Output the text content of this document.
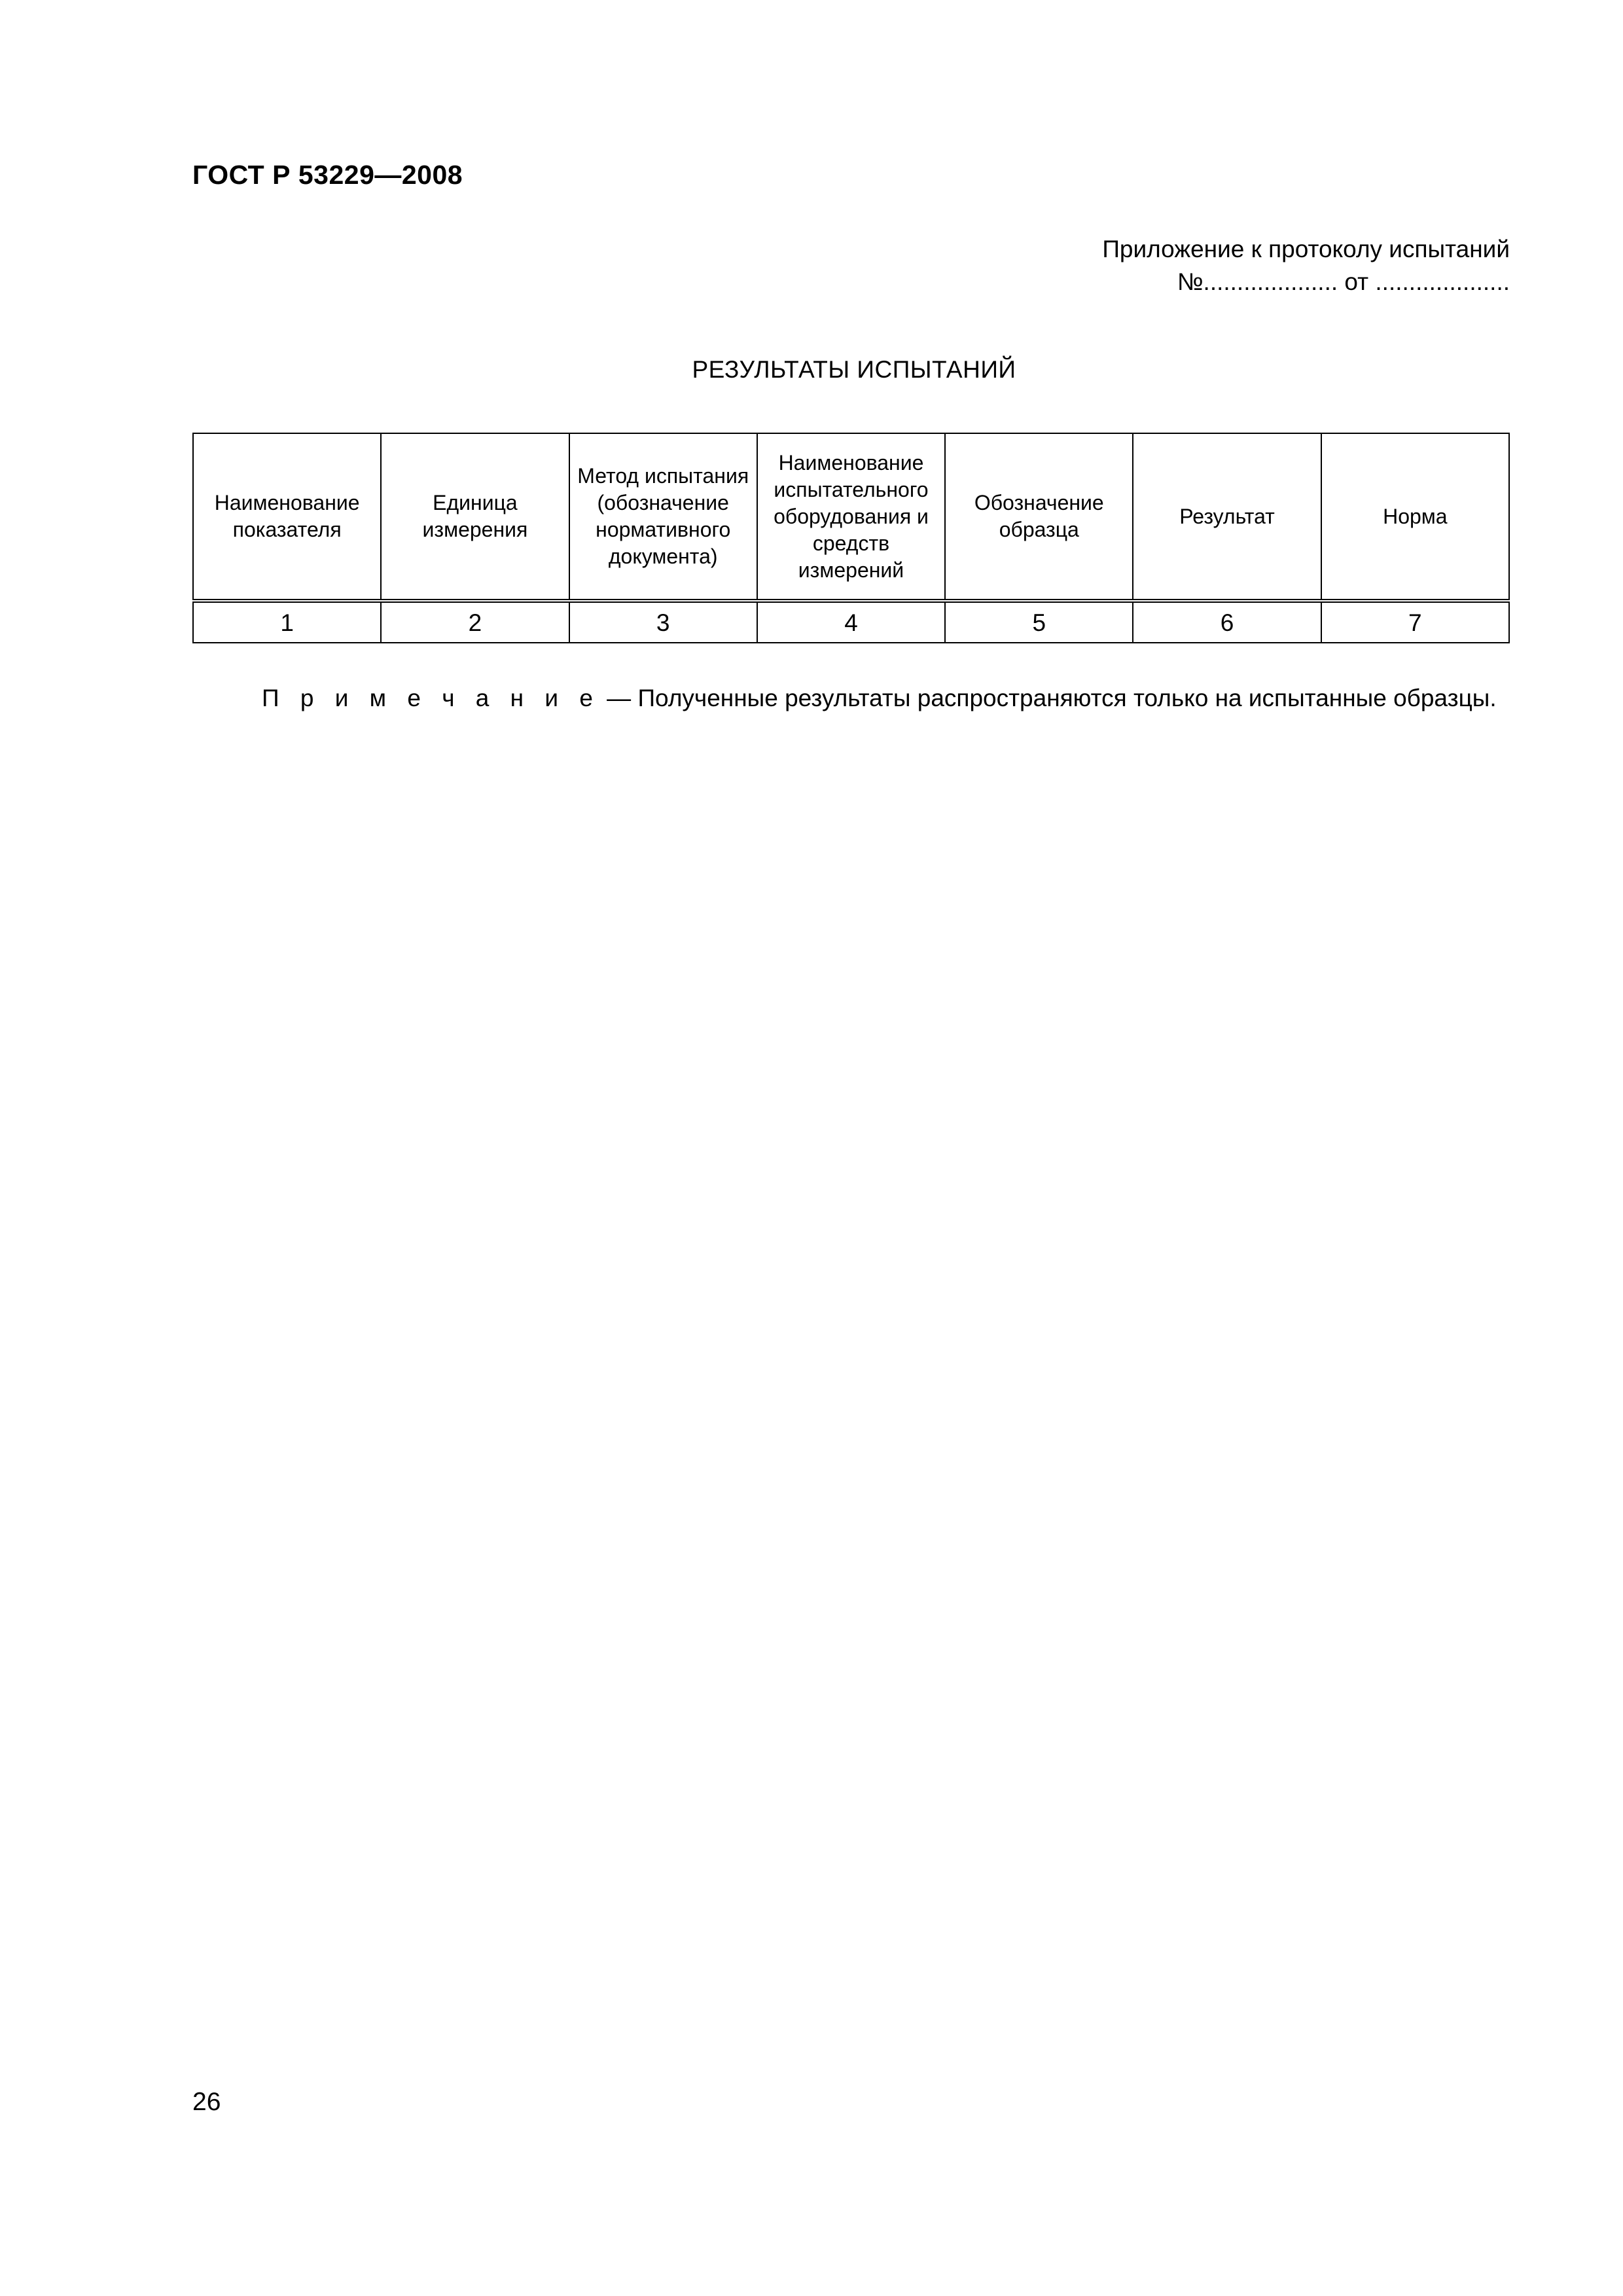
ГОСТ Р 53229—2008
Приложение к протоколу испытаний
№.................... от ....................
РЕЗУЛЬТАТЫ ИСПЫТАНИЙ
Наименование показателя	Единица измерения	Метод испытания (обозначение нормативного документа)	Наименование испытательного оборудования и средств измерений	Обозначение образца	Результат	Норма
1	2	3	4	5	6	7
П р и м е ч а н и е — Полученные результаты распространяются только на испытанные образцы.
26
